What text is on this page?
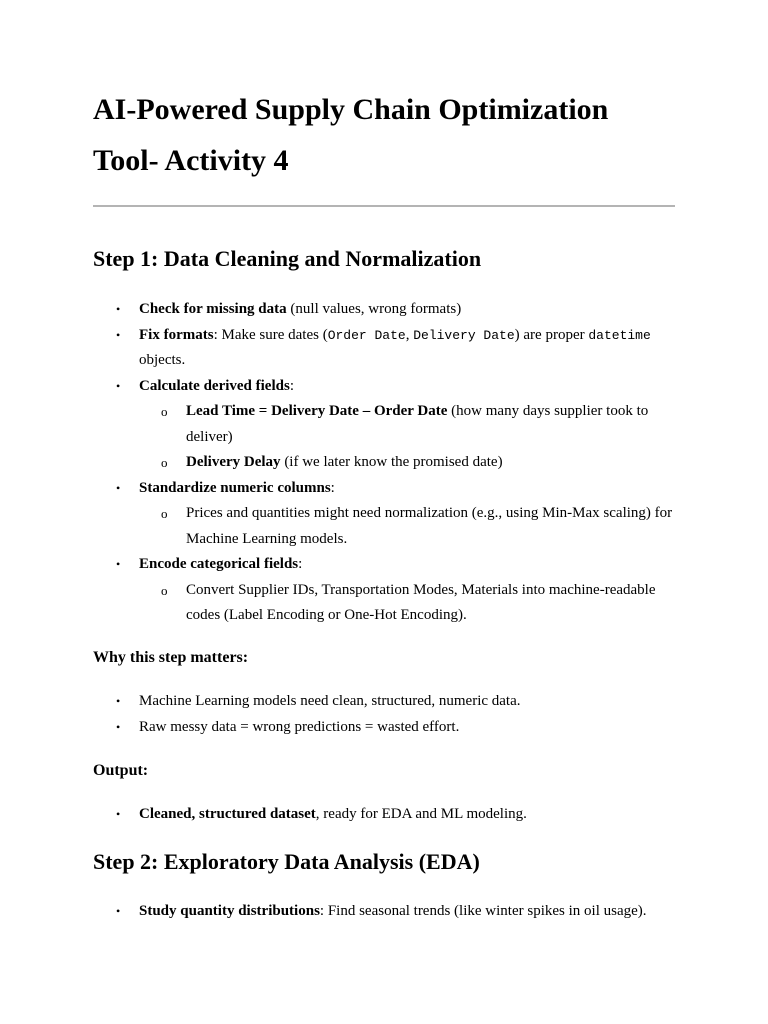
AI-Powered Supply Chain Optimization
Tool- Activity 4
Step 1: Data Cleaning and Normalization
• Check for missing data (null values, wrong formats)
• Fix formats: Make sure dates (Order Date, Delivery Date) are proper datetime objects.
• Calculate derived fields:
o Lead Time = Delivery Date – Order Date (how many days supplier took to deliver)
o Delivery Delay (if we later know the promised date)
• Standardize numeric columns:
o Prices and quantities might need normalization (e.g., using Min-Max scaling) for Machine Learning models.
• Encode categorical fields:
o Convert Supplier IDs, Transportation Modes, Materials into machine-readable codes (Label Encoding or One-Hot Encoding).
Why this step matters:
• Machine Learning models need clean, structured, numeric data.
• Raw messy data = wrong predictions = wasted effort.
Output:
• Cleaned, structured dataset, ready for EDA and ML modeling.
Step 2: Exploratory Data Analysis (EDA)
• Study quantity distributions: Find seasonal trends (like winter spikes in oil usage).
